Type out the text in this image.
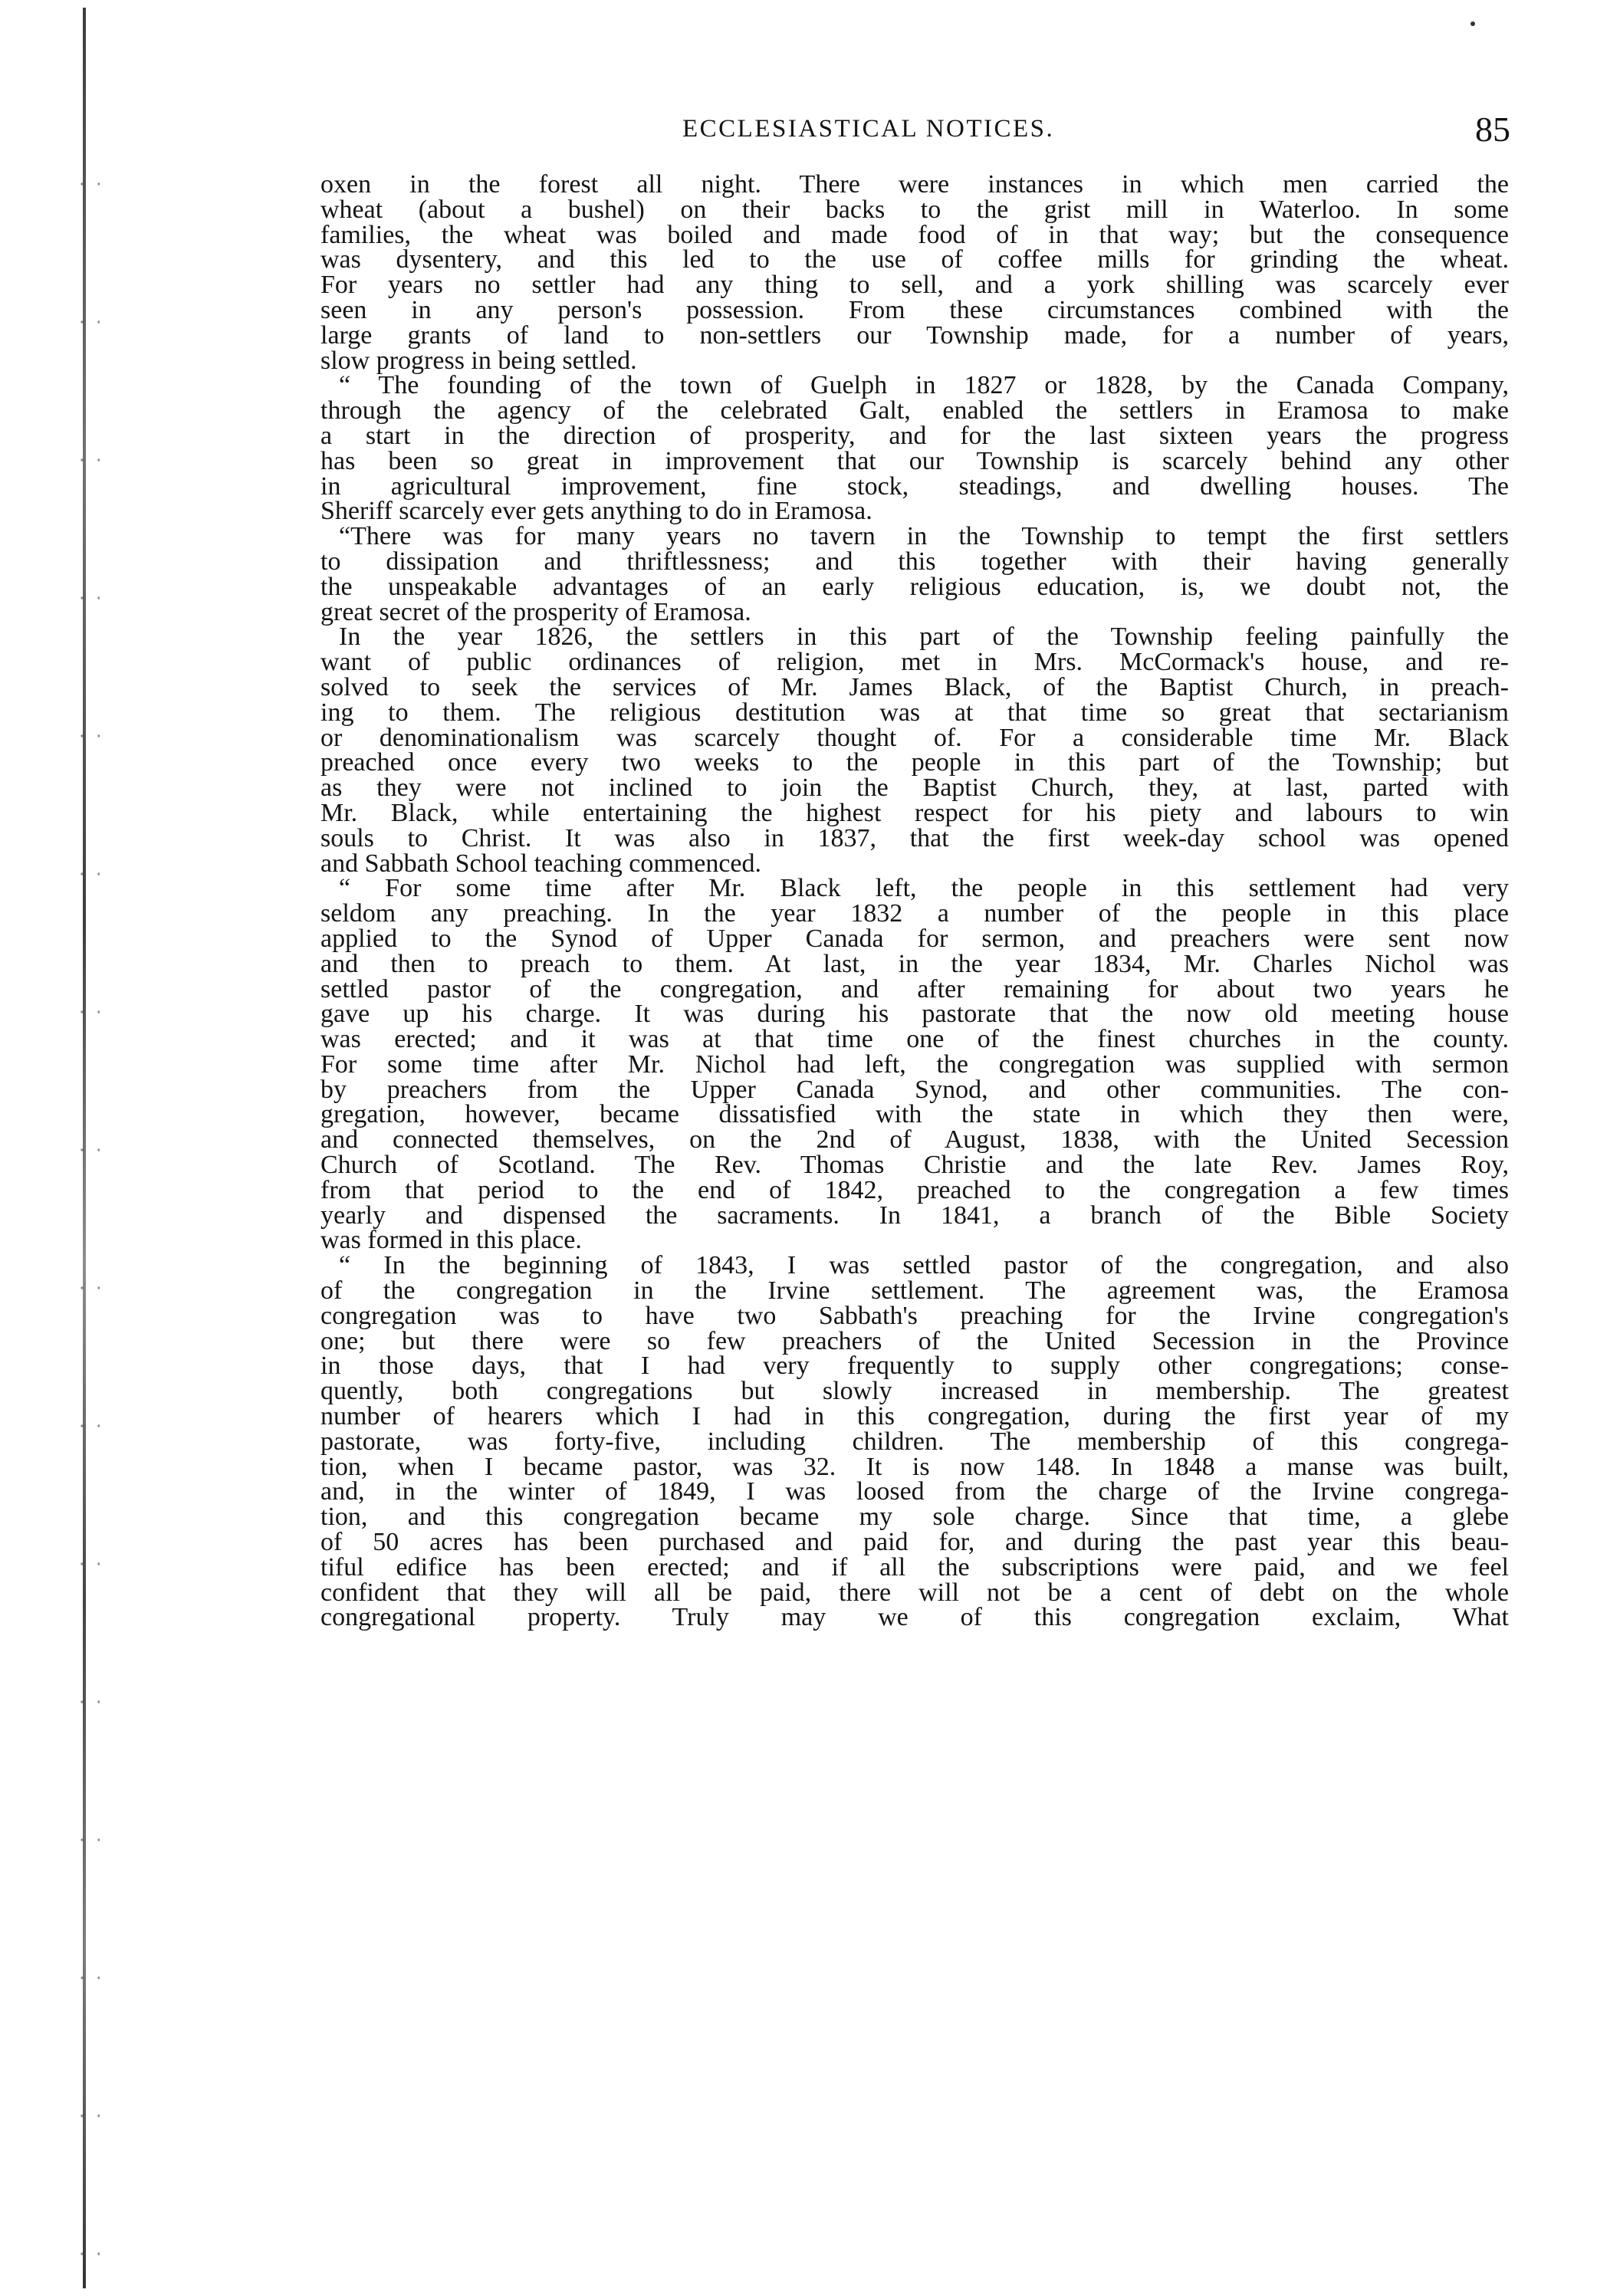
ECCLESIASTICAL NOTICES.	85
oxen in the forest all night. There were instances in which men carried the
wheat (about a bushel) on their backs to the grist mill in Waterloo. In some
families, the wheat was boiled and made food of in that way; but the consequence
was dysentery, and this led to the use of coffee mills for grinding the wheat.
For years no settler had any thing to sell, and a york shilling was scarcely ever
seen in any person's possession. From these circumstances combined with the
large grants of land to non-settlers our Township made, for a number of years,
slow progress in being settled.
“ The founding of the town of Guelph in 1827 or 1828, by the Canada Company,
through the agency of the celebrated Galt, enabled the settlers in Eramosa to make
a start in the direction of prosperity, and for the last sixteen years the progress
has been so great in improvement that our Township is scarcely behind any other
in agricultural improvement, fine stock, steadings, and dwelling houses. The
Sheriff scarcely ever gets anything to do in Eramosa.
“There was for many years no tavern in the Township to tempt the first settlers
to dissipation and thriftlessness; and this together with their having generally
the unspeakable advantages of an early religious education, is, we doubt not, the
great secret of the prosperity of Eramosa.
In the year 1826, the settlers in this part of the Township feeling painfully the
want of public ordinances of religion, met in Mrs. McCormack's house, and re-
solved to seek the services of Mr. James Black, of the Baptist Church, in preach-
ing to them. The religious destitution was at that time so great that sectarianism
or denominationalism was scarcely thought of. For a considerable time Mr. Black
preached once every two weeks to the people in this part of the Township; but
as they were not inclined to join the Baptist Church, they, at last, parted with
Mr. Black, while entertaining the highest respect for his piety and labours to win
souls to Christ. It was also in 1837, that the first week-day school was opened
and Sabbath School teaching commenced.
“ For some time after Mr. Black left, the people in this settlement had very
seldom any preaching. In the year 1832 a number of the people in this place
applied to the Synod of Upper Canada for sermon, and preachers were sent now
and then to preach to them. At last, in the year 1834, Mr. Charles Nichol was
settled pastor of the congregation, and after remaining for about two years he
gave up his charge. It was during his pastorate that the now old meeting house
was erected; and it was at that time one of the finest churches in the county.
For some time after Mr. Nichol had left, the congregation was supplied with sermon
by preachers from the Upper Canada Synod, and other communities. The con-
gregation, however, became dissatisfied with the state in which they then were,
and connected themselves, on the 2nd of August, 1838, with the United Secession
Church of Scotland. The Rev. Thomas Christie and the late Rev. James Roy,
from that period to the end of 1842, preached to the congregation a few times
yearly and dispensed the sacraments. In 1841, a branch of the Bible Society
was formed in this place.
“ In the beginning of 1843, I was settled pastor of the congregation, and also
of the congregation in the Irvine settlement. The agreement was, the Eramosa
congregation was to have two Sabbath's preaching for the Irvine congregation's
one; but there were so few preachers of the United Secession in the Province
in those days, that I had very frequently to supply other congregations; conse-
quently, both congregations but slowly increased in membership. The greatest
number of hearers which I had in this congregation, during the first year of my
pastorate, was forty-five, including children. The membership of this congrega-
tion, when I became pastor, was 32. It is now 148. In 1848 a manse was built,
and, in the winter of 1849, I was loosed from the charge of the Irvine congrega-
tion, and this congregation became my sole charge. Since that time, a glebe
of 50 acres has been purchased and paid for, and during the past year this beau-
tiful edifice has been erected; and if all the subscriptions were paid, and we feel
confident that they will all be paid, there will not be a cent of debt on the whole
congregational property. Truly may we of this congregation exclaim, What
